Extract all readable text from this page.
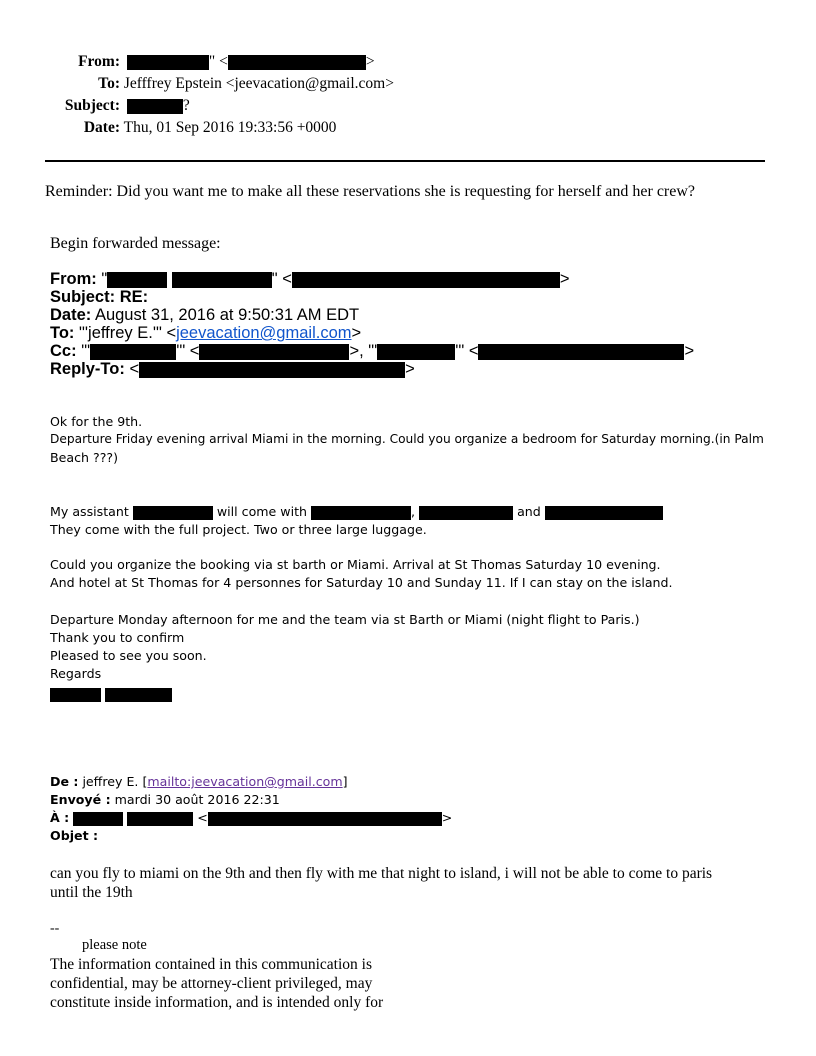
From:	" <	>
To: Jefffrey Epstein <jeevacation@gmail.com>
Subject:	?
Date: Thu, 01 Sep 2016 19:33:56 +0000
Reminder: Did you want me to make all these reservations she is requesting for herself and her crew?
Begin forwarded message:
From: "	" <	>
Subject: RE:
Date: August 31, 2016 at 9:50:31 AM EDT
To: "'jeffrey E.'" <jeevacation@gmail.com>
Cc: "'	'" <	>, "'	'" <	>
Reply-To: <	>
Ok for the 9th.
Departure Friday evening arrival Miami in the morning. Could you organize a bedroom for Saturday morning.(in Palm
Beach ???)
My assistant	will come with	,	and
They come with the full project. Two or three large luggage.
Could you organize the booking via st barth or Miami. Arrival at St Thomas Saturday 10 evening.
And hotel at St Thomas for 4 personnes for Saturday 10 and Sunday 11. If I can stay on the island.
Departure Monday afternoon for me and the team via st Barth or Miami (night flight to Paris.)
Thank you to confirm
Pleased to see you soon.
Regards

De : jeffrey E. [mailto:jeevacation@gmail.com]
Envoyé : mardi 30 août 2016 22:31
À :	<	>
Objet :
can you fly to miami on the 9th and then fly with me that night to island, i will not be able to come to paris
until the 19th
--
please note
The information contained in this communication is
confidential, may be attorney-client privileged, may
constitute inside information, and is intended only for
